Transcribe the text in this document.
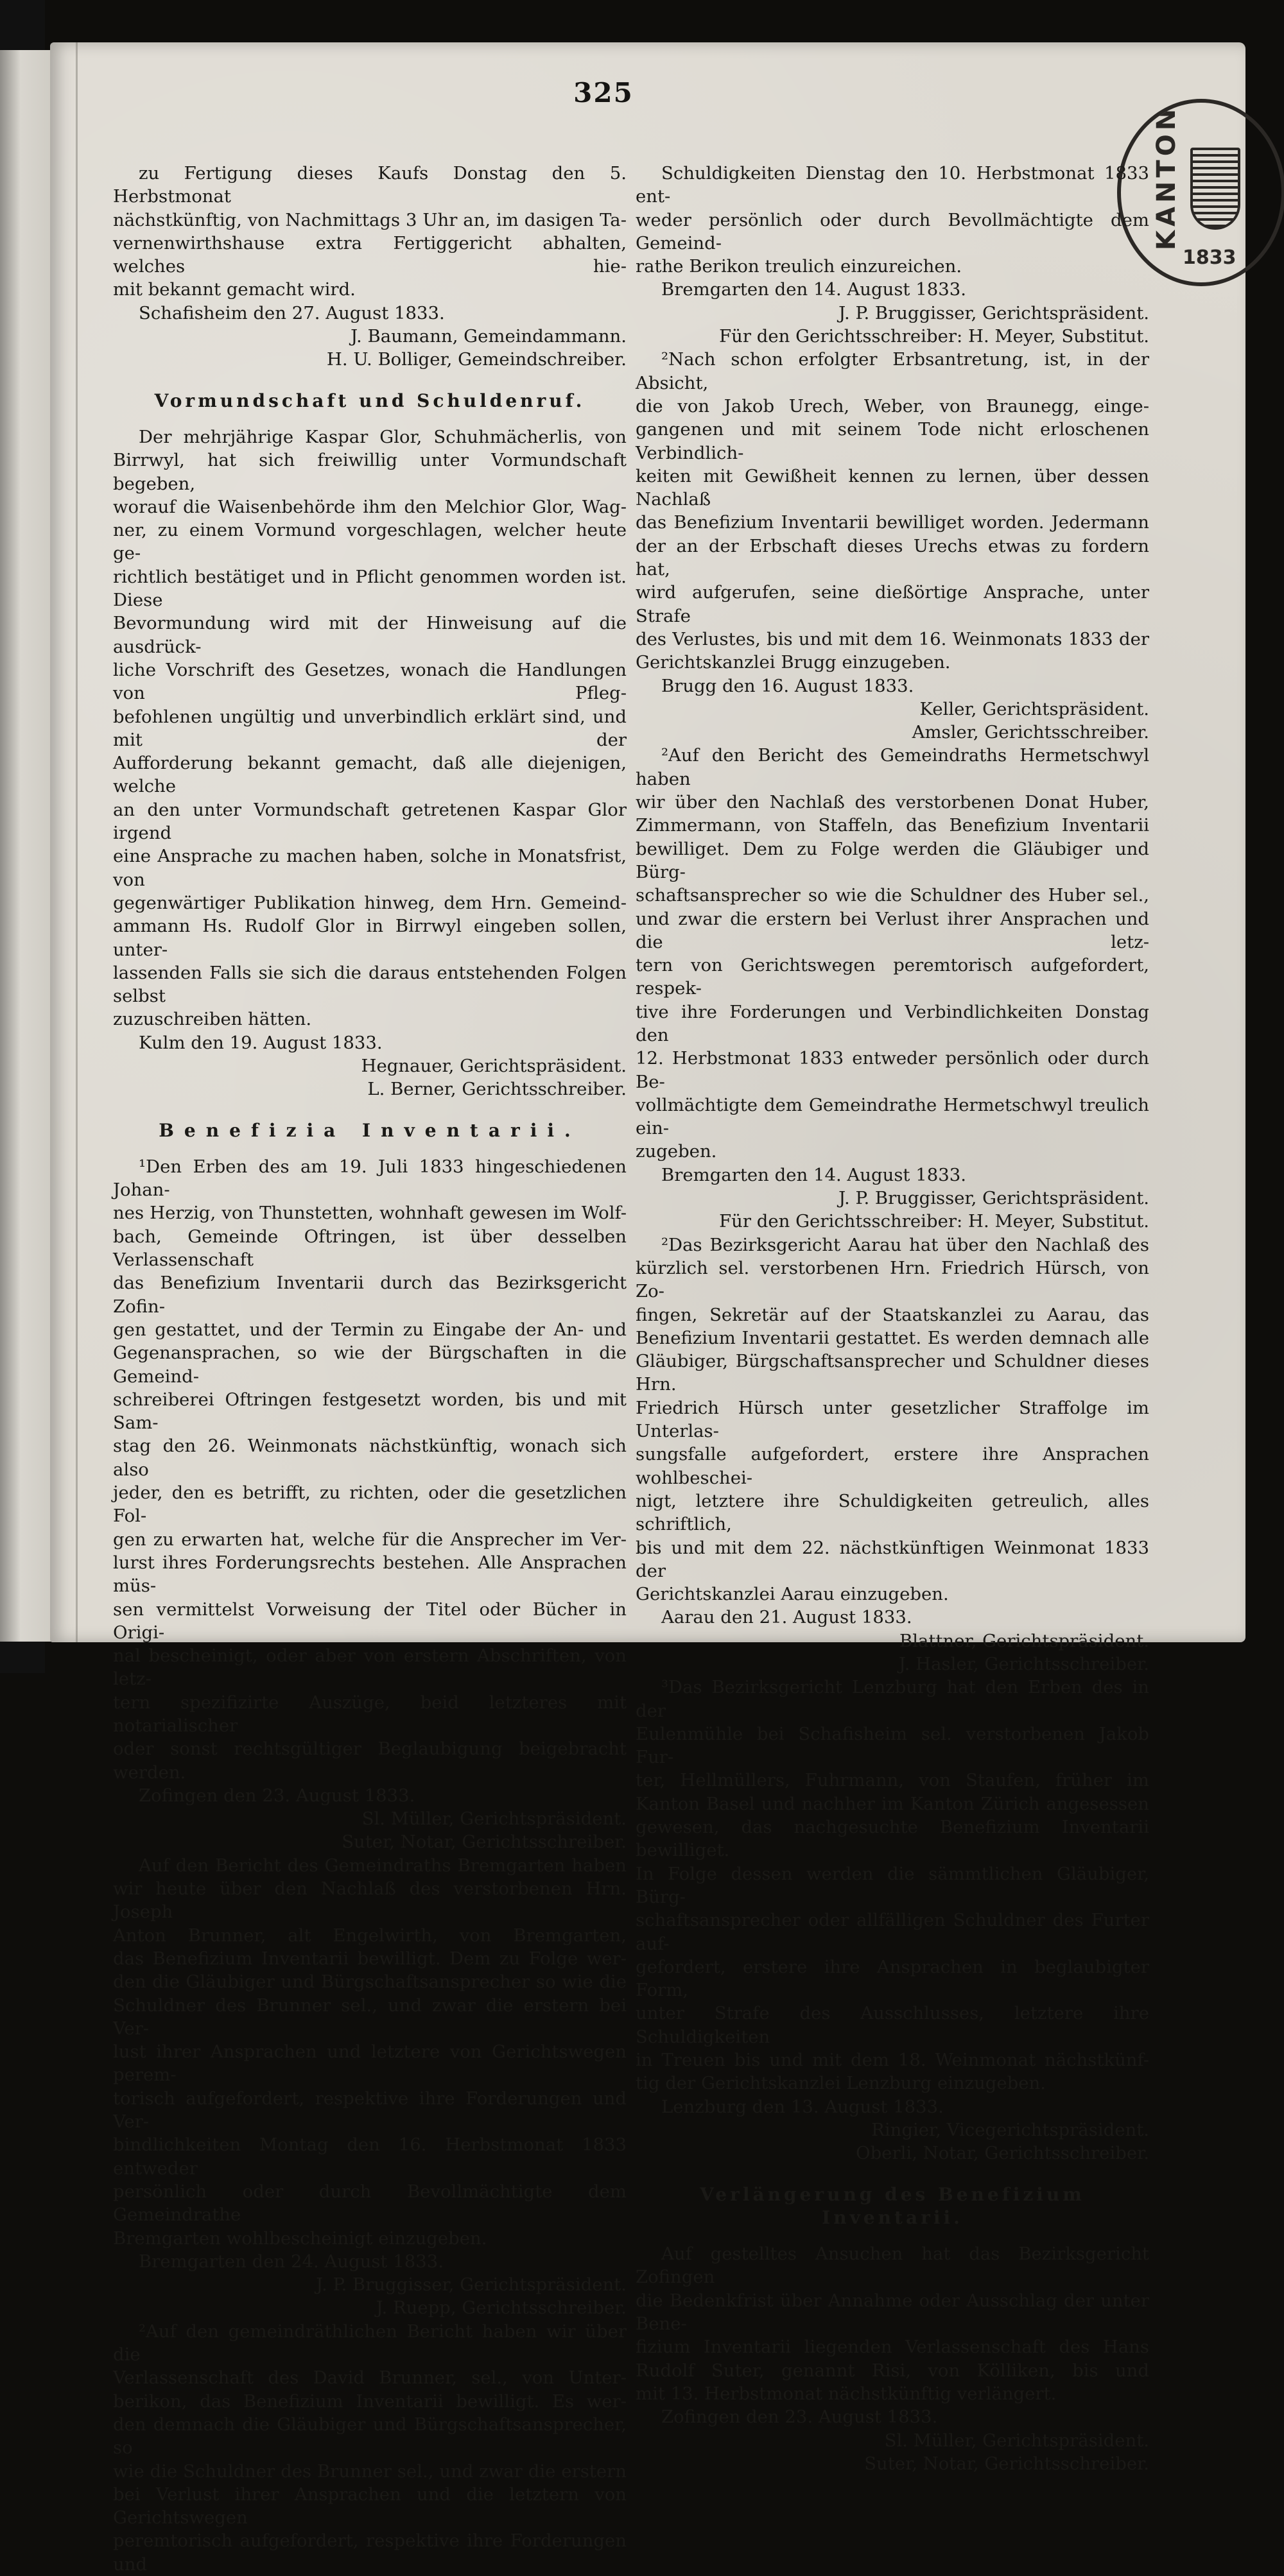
325
KANTON
1833

zu Fertigung dieses Kaufs Donstag den 5. Herbstmonat

nächstkünftig, von Nachmittags 3 Uhr an, im dasigen Ta-

vernenwirthshause extra Fertiggericht abhalten, welches hie-

mit bekannt gemacht wird.

Schafisheim den 27. August 1833.

J. Baumann, Gemeindammann.

H. U. Bolliger, Gemeindschreiber.

Vormundschaft und Schuldenruf.

Der mehrjährige Kaspar Glor, Schuhmächerlis, von

Birrwyl, hat sich freiwillig unter Vormundschaft begeben,

worauf die Waisenbehörde ihm den Melchior Glor, Wag-

ner, zu einem Vormund vorgeschlagen, welcher heute ge-

richtlich bestätiget und in Pflicht genommen worden ist. Diese

Bevormundung wird mit der Hinweisung auf die ausdrück-

liche Vorschrift des Gesetzes, wonach die Handlungen von Pfleg-

befohlenen ungültig und unverbindlich erklärt sind, und mit der

Aufforderung bekannt gemacht, daß alle diejenigen, welche

an den unter Vormundschaft getretenen Kaspar Glor irgend

eine Ansprache zu machen haben, solche in Monatsfrist, von

gegenwärtiger Publikation hinweg, dem Hrn. Gemeind-

ammann Hs. Rudolf Glor in Birrwyl eingeben sollen, unter-

lassenden Falls sie sich die daraus entstehenden Folgen selbst

zuzuschreiben hätten.

Kulm den 19. August 1833.

Hegnauer, Gerichtspräsident.

L. Berner, Gerichtsschreiber.

Benefizia Inventarii.

¹Den Erben des am 19. Juli 1833 hingeschiedenen Johan-

nes Herzig, von Thunstetten, wohnhaft gewesen im Wolf-

bach, Gemeinde Oftringen, ist über desselben Verlassenschaft

das Benefizium Inventarii durch das Bezirksgericht Zofin-

gen gestattet, und der Termin zu Eingabe der An- und

Gegenansprachen, so wie der Bürgschaften in die Gemeind-

schreiberei Oftringen festgesetzt worden, bis und mit Sam-

stag den 26. Weinmonats nächstkünftig, wonach sich also

jeder, den es betrifft, zu richten, oder die gesetzlichen Fol-

gen zu erwarten hat, welche für die Ansprecher im Ver-

lurst ihres Forderungsrechts bestehen. Alle Ansprachen müs-

sen vermittelst Vorweisung der Titel oder Bücher in Origi-

nal bescheinigt, oder aber von erstern Abschriften, von letz-

tern spezifizirte Auszüge, beid letzteres mit notarialischer

oder sonst rechtsgültiger Beglaubigung beigebracht werden.

Zofingen den 23. August 1833.

Sl. Müller, Gerichtspräsident.

Suter, Notar, Gerichtsschreiber.

Auf den Bericht des Gemeindraths Bremgarten haben

wir heute über den Nachlaß des verstorbenen Hrn. Joseph

Anton Brunner, alt Engelwirth, von Bremgarten,

das Benefizium Inventarii bewilligt. Dem zu Folge wer-

den die Gläubiger und Bürgschaftsansprecher so wie die

Schuldner des Brunner sel., und zwar die erstern bei Ver-

lust ihrer Ansprachen und letztere von Gerichtswegen perem-

torisch aufgefordert, respektive ihre Forderungen und Ver-

bindlichkeiten Montag den 16. Herbstmonat 1833 entweder

persönlich oder durch Bevollmächtigte dem Gemeindrathe

Bremgarten wohlbescheinigt einzugeben.

Bremgarten den 24. August 1833.

J. P. Bruggisser, Gerichtspräsident.

J. Ruepp, Gerichtsschreiber.

²Auf den gemeindräthlichen Bericht haben wir über die

Verlassenschaft des David Brunner, sel., von Unter-

berikon, das Benefizium Inventarii bewilligt. Es wer-

den demnach die Gläubiger und Bürgschaftsansprecher, so

wie die Schuldner des Brunner sel., und zwar die erstern

bei Verlust ihrer Ansprachen und die letztern von Gerichtswegen

peremtorisch aufgefordert, respektive ihre Forderungen und

Schuldigkeiten Dienstag den 10. Herbstmonat 1833 ent-

weder persönlich oder durch Bevollmächtigte dem Gemeind-

rathe Berikon treulich einzureichen.

Bremgarten den 14. August 1833.

J. P. Bruggisser, Gerichtspräsident.

Für den Gerichtsschreiber: H. Meyer, Substitut.

²Nach schon erfolgter Erbsantretung, ist, in der Absicht,

die von Jakob Urech, Weber, von Braunegg, einge-

gangenen und mit seinem Tode nicht erloschenen Verbindlich-

keiten mit Gewißheit kennen zu lernen, über dessen Nachlaß

das Benefizium Inventarii bewilliget worden. Jedermann

der an der Erbschaft dieses Urechs etwas zu fordern hat,

wird aufgerufen, seine dießörtige Ansprache, unter Strafe

des Verlustes, bis und mit dem 16. Weinmonats 1833 der

Gerichtskanzlei Brugg einzugeben.

Brugg den 16. August 1833.

Keller, Gerichtspräsident.

Amsler, Gerichtsschreiber.

²Auf den Bericht des Gemeindraths Hermetschwyl haben

wir über den Nachlaß des verstorbenen Donat Huber,

Zimmermann, von Staffeln, das Benefizium Inventarii

bewilliget. Dem zu Folge werden die Gläubiger und Bürg-

schaftsansprecher so wie die Schuldner des Huber sel.,

und zwar die erstern bei Verlust ihrer Ansprachen und die letz-

tern von Gerichtswegen peremtorisch aufgefordert, respek-

tive ihre Forderungen und Verbindlichkeiten Donstag den

12. Herbstmonat 1833 entweder persönlich oder durch Be-

vollmächtigte dem Gemeindrathe Hermetschwyl treulich ein-

zugeben.

Bremgarten den 14. August 1833.

J. P. Bruggisser, Gerichtspräsident.

Für den Gerichtsschreiber: H. Meyer, Substitut.

²Das Bezirksgericht Aarau hat über den Nachlaß des

kürzlich sel. verstorbenen Hrn. Friedrich Hürsch, von Zo-

fingen, Sekretär auf der Staatskanzlei zu Aarau, das

Benefizium Inventarii gestattet. Es werden demnach alle

Gläubiger, Bürgschaftsansprecher und Schuldner dieses Hrn.

Friedrich Hürsch unter gesetzlicher Straffolge im Unterlas-

sungsfalle aufgefordert, erstere ihre Ansprachen wohlbeschei-

nigt, letztere ihre Schuldigkeiten getreulich, alles schriftlich,

bis und mit dem 22. nächstkünftigen Weinmonat 1833 der

Gerichtskanzlei Aarau einzugeben.

Aarau den 21. August 1833.

Blattner, Gerichtspräsident.

J. Hasler, Gerichtsschreiber.

³Das Bezirksgericht Lenzburg hat den Erben des in der

Eulenmühle bei Schafisheim sel. verstorbenen Jakob Fur-

ter, Hellmüllers, Fuhrmann, von Staufen, früher im

Kanton Basel und nachher im Kanton Zürich angesessen

gewesen, das nachgesuchte Benefizium Inventarii bewilliget.

In Folge dessen werden die sämmtlichen Gläubiger, Bürg-

schaftsansprecher oder allfälligen Schuldner des Furter auf-

gefordert, erstere ihre Ansprachen in beglaubigter Form,

unter Strafe des Ausschlusses, letztere ihre Schuldigkeiten

in Treuen bis und mit dem 18. Weinmonat nächstkünf-

tig der Gerichtskanzlei Lenzburg einzugeben.

Lenzburg den 13. August 1833.

Ringier, Vicegerichtspräsident.

Oberli, Notar, Gerichtsschreiber.

Verlängerung des Benefizium Inventarii.

Auf gestelltes Ansuchen hat das Bezirksgericht Zofingen

die Bedenkfrist über Annahme oder Ausschlag der unter Bene-

fizium Inventarii liegenden Verlassenschaft des Hans

Rudolf Suter, genannt Risi, von Kölliken, bis und

mit 13. Herbstmonat nächstkünftig verlängert.

Zofingen den 23. August 1833.

Sl. Müller, Gerichtspräsident.

Suter, Notar, Gerichtsschreiber.
